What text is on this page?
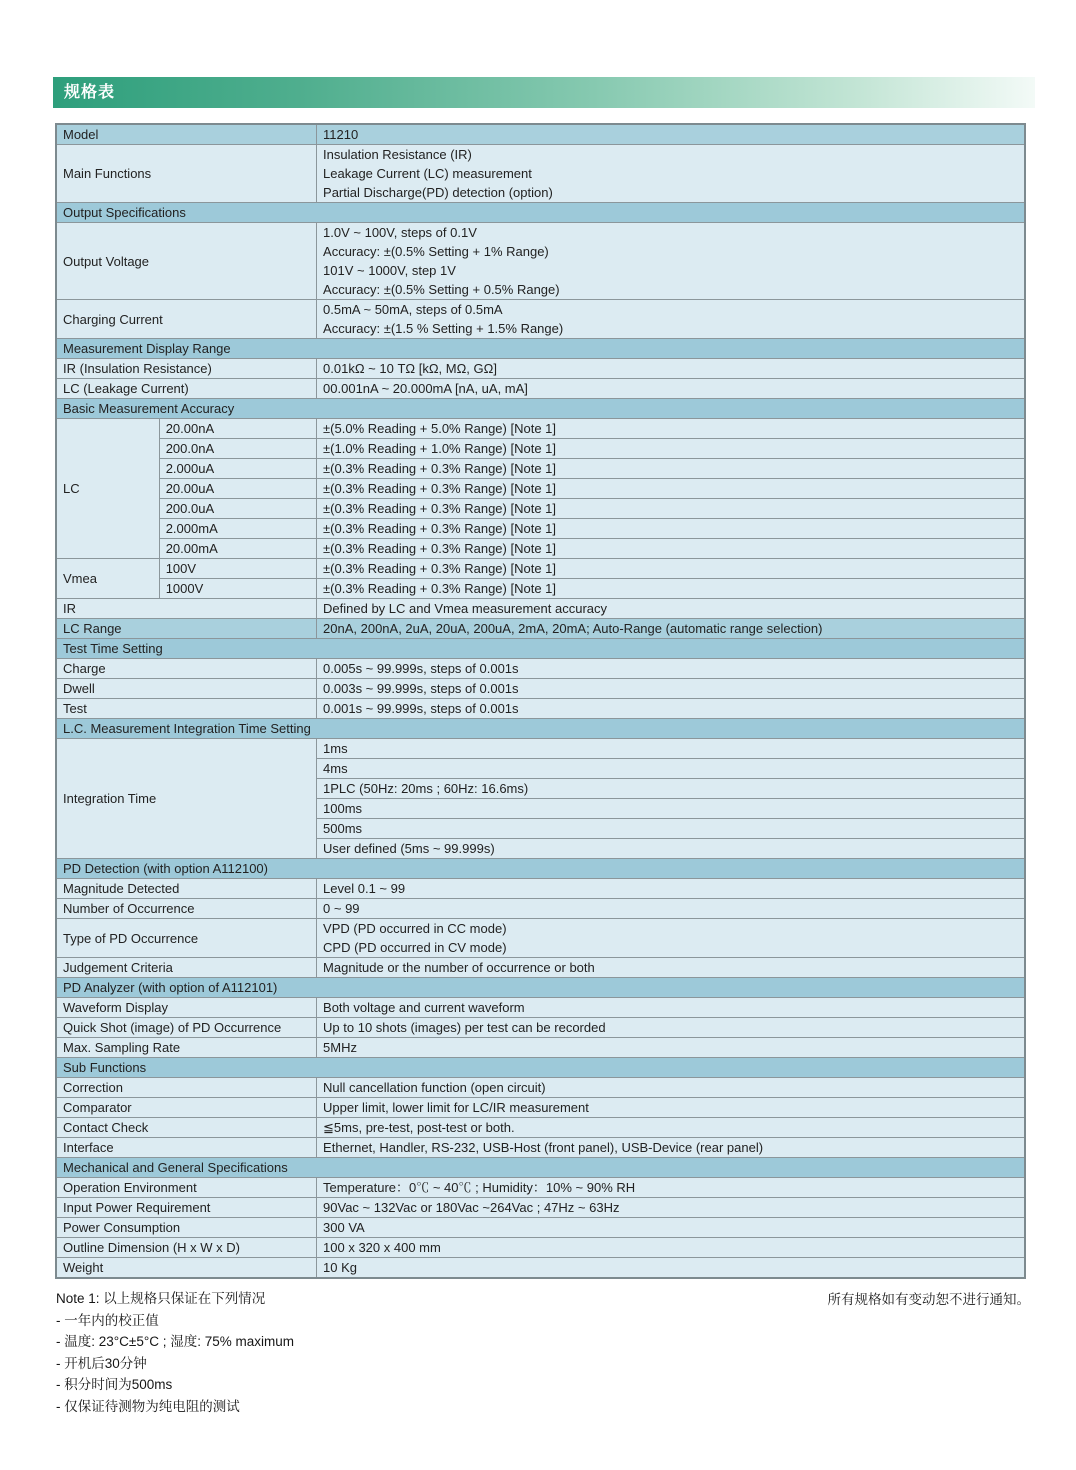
规格表
Model		11210

Main Functions		Insulation Resistance (IR)
Leakage Current (LC) measurement
Partial Discharge(PD) detection (option)

Output Specifications		
Output Voltage		1.0V ~ 100V, steps of 0.1V
Accuracy: ±(0.5% Setting + 1% Range)
101V ~ 1000V, step 1V
Accuracy: ±(0.5% Setting + 0.5% Range)

Charging Current		0.5mA ~ 50mA, steps of 0.5mA
Accuracy: ±(1.5 % Setting + 1.5% Range)

Measurement Display Range		
IR (Insulation Resistance)		0.01kΩ ~ 10 TΩ [kΩ, MΩ, GΩ]

LC (Leakage Current)		00.001nA ~ 20.000mA [nA, uA, mA]

Basic Measurement Accuracy		
LC	20.00nA	±(5.0% Reading + 5.0% Range) [Note 1]
	200.0nA	±(1.0% Reading + 1.0% Range) [Note 1]
	2.000uA	±(0.3% Reading + 0.3% Range) [Note 1]
	20.00uA	±(0.3% Reading + 0.3% Range) [Note 1]
	200.0uA	±(0.3% Reading + 0.3% Range) [Note 1]
	2.000mA	±(0.3% Reading + 0.3% Range) [Note 1]
	20.00mA	±(0.3% Reading + 0.3% Range) [Note 1]
Vmea	100V	±(0.3% Reading + 0.3% Range) [Note 1]
	1000V	±(0.3% Reading + 0.3% Range) [Note 1]
IR		Defined by LC and Vmea measurement accuracy

LC Range		20nA, 200nA, 2uA, 20uA, 200uA, 2mA, 20mA; Auto-Range (automatic range selection)

Test Time Setting		
Charge		0.005s ~ 99.999s, steps of 0.001s

Dwell		0.003s ~ 99.999s, steps of 0.001s

Test		0.001s ~ 99.999s, steps of 0.001s

L.C. Measurement Integration Time Setting		
Integration Time		1ms
		4ms
		1PLC (50Hz: 20ms ; 60Hz: 16.6ms)
		100ms
		500ms
		User defined (5ms ~ 99.999s)
PD Detection (with option A112100)		
Magnitude Detected		Level 0.1 ~ 99

Number of Occurrence		0 ~ 99

Type of PD Occurrence		VPD (PD occurred in CC mode)
CPD (PD occurred in CV mode)

Judgement Criteria		Magnitude or the number of occurrence or both

PD Analyzer (with option of A112101)		
Waveform Display		Both voltage and current waveform

Quick Shot (image) of PD Occurrence		Up to 10 shots (images) per test can be recorded

Max. Sampling Rate		5MHz

Sub Functions		
Correction		Null cancellation function (open circuit)

Comparator		Upper limit, lower limit for LC/IR measurement

Contact Check		≦5ms, pre-test, post-test or both.

Interface		Ethernet, Handler, RS-232, USB-Host (front panel), USB-Device (rear panel)

Mechanical and General Specifications		
Operation Environment		Temperature：0℃ ~ 40℃ ; Humidity：10% ~ 90% RH

Input Power Requirement		90Vac ~ 132Vac or 180Vac ~264Vac ; 47Hz ~ 63Hz

Power Consumption		300 VA

Outline Dimension (H x W x D)		100 x 320 x 400 mm

Weight		10 Kg
Note 1: 以上规格只保证在下列情况
- 一年内的校正值
- 温度: 23°C±5°C ; 湿度: 75% maximum
- 开机后30分钟
- 积分时间为500ms
- 仅保证待测物为纯电阻的测试
所有规格如有变动恕不进行通知。
